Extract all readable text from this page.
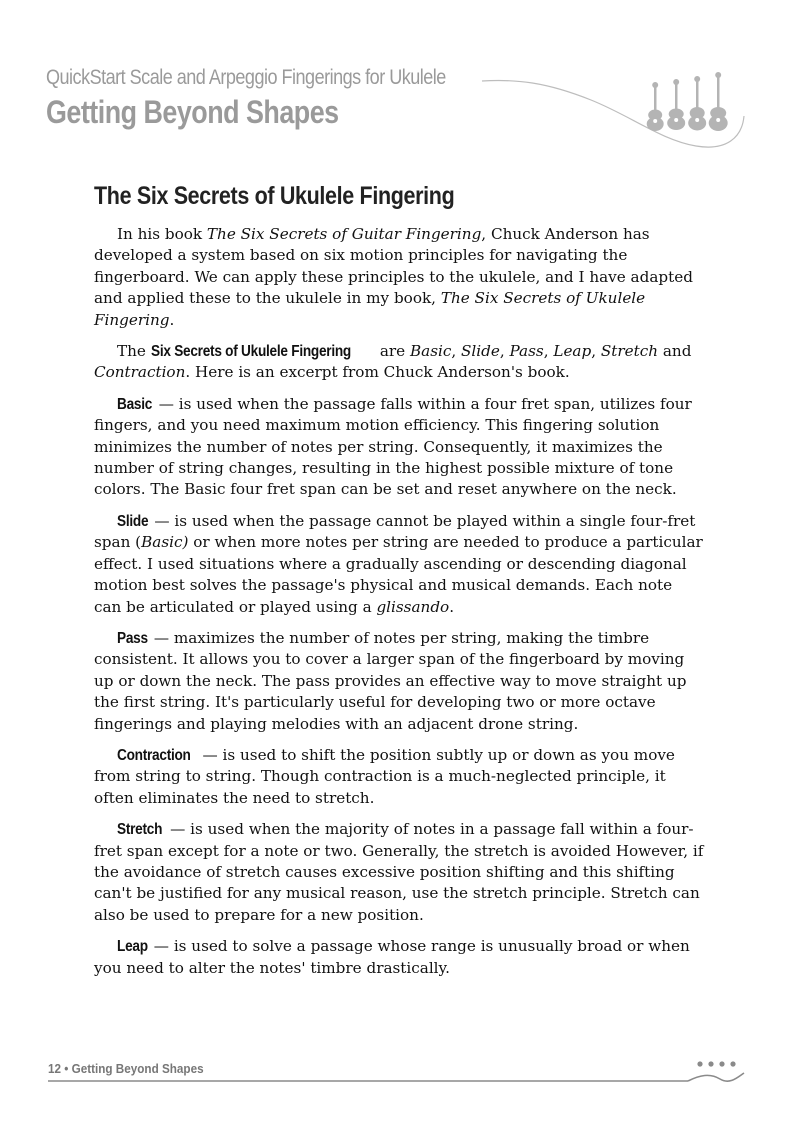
QuickStart Scale and Arpeggio Fingerings for Ukulele
Getting Beyond Shapes
The Six Secrets of Ukulele Fingering

In his book The Six Secrets of Guitar Fingering, Chuck Anderson has developed a system based on six motion principles for navigating the fingerboard. We can apply these principles to the ukulele, and I have adapted and applied these to the ukulele in my book, The Six Secrets of Ukulele Fingering.

The Six Secrets of Ukulele Fingering are Basic, Slide, Pass, Leap, Stretch and Contraction. Here is an excerpt from Chuck Anderson's book.

Basic — is used when the passage falls within a four fret span, utilizes four fingers, and you need maximum motion efficiency. This fingering solution minimizes the number of notes per string. Consequently, it maximizes the number of string changes, resulting in the highest possible mixture of tone colors. The Basic four fret span can be set and reset anywhere on the neck.

Slide — is used when the passage cannot be played within a single four-fret span (Basic) or when more notes per string are needed to produce a particular effect. I used situations where a gradually ascending or descending diagonal motion best solves the passage's physical and musical demands. Each note can be articulated or played using a glissando.

Pass — maximizes the number of notes per string, making the timbre consistent. It allows you to cover a larger span of the fingerboard by moving up or down the neck. The pass provides an effective way to move straight up the first string. It's particularly useful for developing two or more octave fingerings and playing melodies with an adjacent drone string.

Contraction — is used to shift the position subtly up or down as you move from string to string. Though contraction is a much-neglected principle, it often eliminates the need to stretch.

Stretch — is used when the majority of notes in a passage fall within a four-fret span except for a note or two. Generally, the stretch is avoided However, if the avoidance of stretch causes excessive position shifting and this shifting can't be justified for any musical reason, use the stretch principle. Stretch can also be used to prepare for a new position.

Leap — is used to solve a passage whose range is unusually broad or when you need to alter the notes' timbre drastically.

12 • Getting Beyond Shapes
